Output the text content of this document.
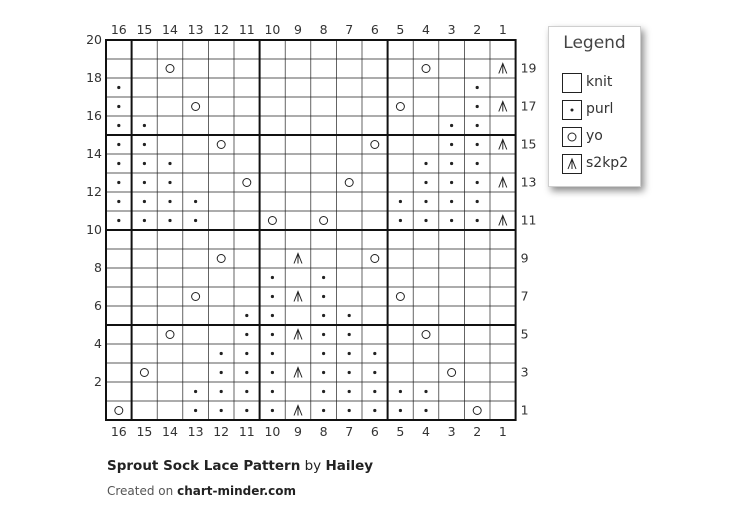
16
16
15
15
14
14
13
13
12
12
11
11
10
10
9
9
8
8
7
7
6
6
5
5
4
4
3
3
2
2
1
1
20
19
18
17
16
15
14
13
12
11
10
9
8
7
6
5
4
3
2
1
Legend
knit
purl
yo
s2kp2
Sprout Sock Lace Pattern by Hailey
Created on chart-minder.com
